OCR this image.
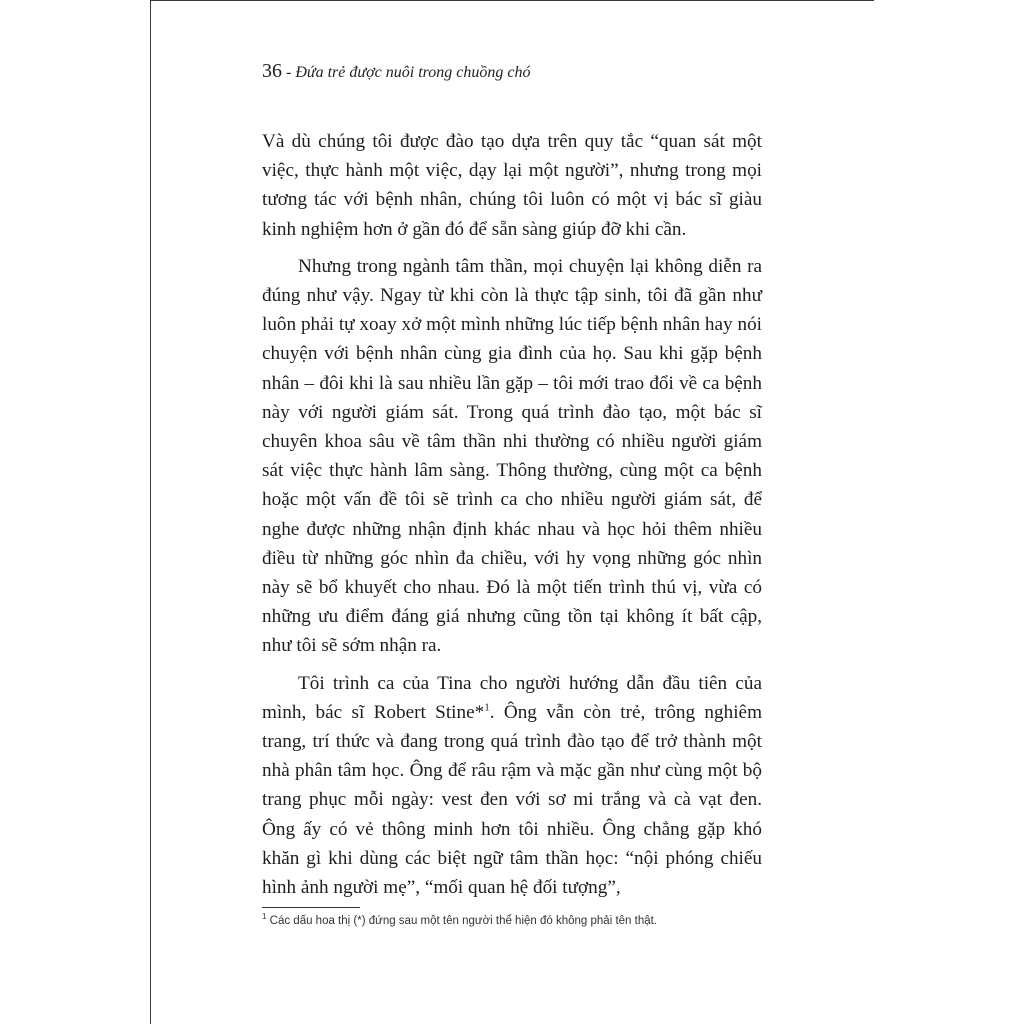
36 - Đứa trẻ được nuôi trong chuồng chó

Và dù chúng tôi được đào tạo dựa trên quy tắc “quan sát một việc, thực hành một việc, dạy lại một người”, nhưng trong mọi tương tác với bệnh nhân, chúng tôi luôn có một vị bác sĩ giàu kinh nghiệm hơn ở gần đó để sẵn sàng giúp đỡ khi cần.

Nhưng trong ngành tâm thần, mọi chuyện lại không diễn ra đúng như vậy. Ngay từ khi còn là thực tập sinh, tôi đã gần như luôn phải tự xoay xở một mình những lúc tiếp bệnh nhân hay nói chuyện với bệnh nhân cùng gia đình của họ. Sau khi gặp bệnh nhân – đôi khi là sau nhiều lần gặp – tôi mới trao đổi về ca bệnh này với người giám sát. Trong quá trình đào tạo, một bác sĩ chuyên khoa sâu về tâm thần nhi thường có nhiều người giám sát việc thực hành lâm sàng. Thông thường, cùng một ca bệnh hoặc một vấn đề tôi sẽ trình ca cho nhiều người giám sát, để nghe được những nhận định khác nhau và học hỏi thêm nhiều điều từ những góc nhìn đa chiều, với hy vọng những góc nhìn này sẽ bổ khuyết cho nhau. Đó là một tiến trình thú vị, vừa có những ưu điểm đáng giá nhưng cũng tồn tại không ít bất cập, như tôi sẽ sớm nhận ra.

Tôi trình ca của Tina cho người hướng dẫn đầu tiên của mình, bác sĩ Robert Stine*$^1$. Ông vẫn còn trẻ, trông nghiêm trang, trí thức và đang trong quá trình đào tạo để trở thành một nhà phân tâm học. Ông để râu rậm và mặc gần như cùng một bộ trang phục mỗi ngày: vest đen với sơ mi trắng và cà vạt đen. Ông ấy có vẻ thông minh hơn tôi nhiều. Ông chẳng gặp khó khăn gì khi dùng các biệt ngữ tâm thần học: “nội phóng chiếu hình ảnh người mẹ”, “mối quan hệ đối tượng”,

$^1$ Các dấu hoa thị (*) đứng sau một tên người thể hiện đó không phải tên thật.
